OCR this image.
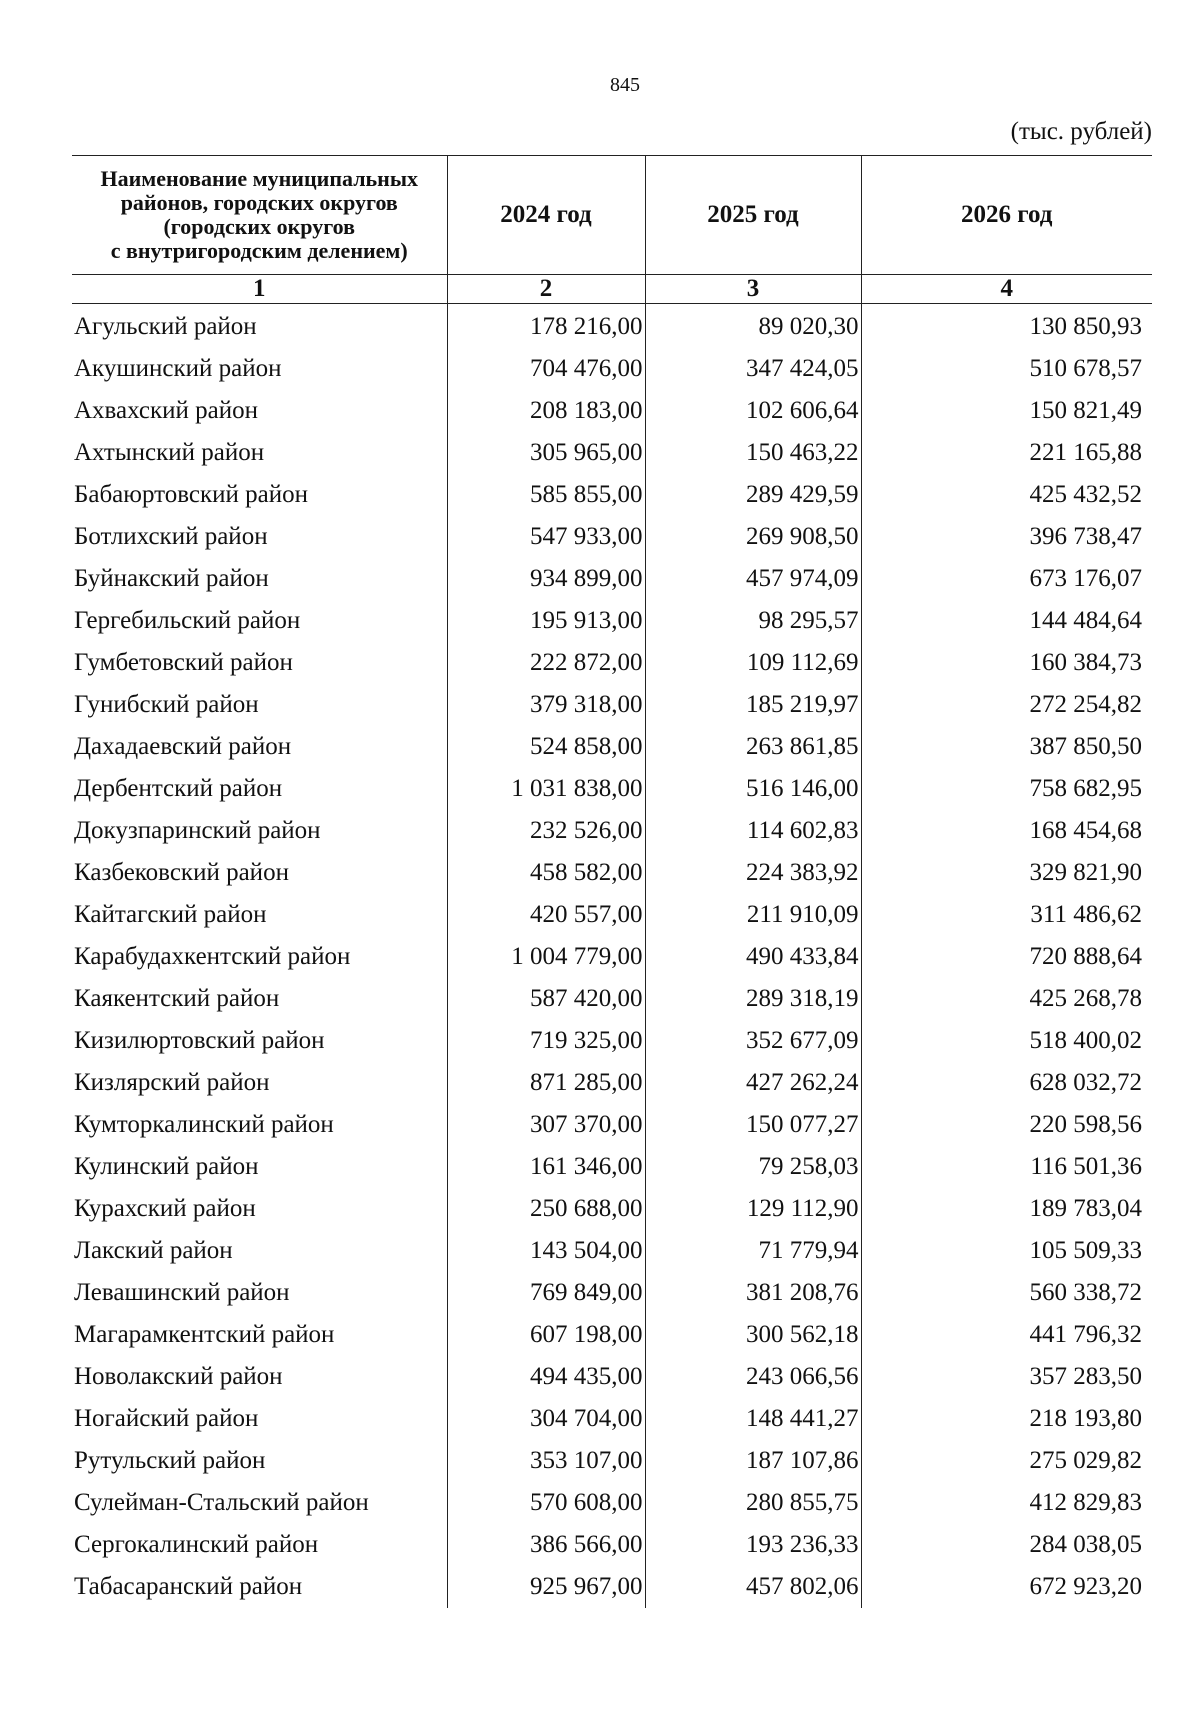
845
(тыс. рублей)
Наименование муниципальных
районов, городских округов
(городских округов
с внутригородским делением)	2024 год	2025 год	2026 год
1	2	3	4
Агульский район	178 216,00	89 020,30	130 850,93
Акушинский район	704 476,00	347 424,05	510 678,57
Ахвахский район	208 183,00	102 606,64	150 821,49
Ахтынский район	305 965,00	150 463,22	221 165,88
Бабаюртовский район	585 855,00	289 429,59	425 432,52
Ботлихский район	547 933,00	269 908,50	396 738,47
Буйнакский район	934 899,00	457 974,09	673 176,07
Гергебильский район	195 913,00	98 295,57	144 484,64
Гумбетовский район	222 872,00	109 112,69	160 384,73
Гунибский район	379 318,00	185 219,97	272 254,82
Дахадаевский район	524 858,00	263 861,85	387 850,50
Дербентский район	1 031 838,00	516 146,00	758 682,95
Докузпаринский район	232 526,00	114 602,83	168 454,68
Казбековский район	458 582,00	224 383,92	329 821,90
Кайтагский район	420 557,00	211 910,09	311 486,62
Карабудахкентский район	1 004 779,00	490 433,84	720 888,64
Каякентский район	587 420,00	289 318,19	425 268,78
Кизилюртовский район	719 325,00	352 677,09	518 400,02
Кизлярский район	871 285,00	427 262,24	628 032,72
Кумторкалинский район	307 370,00	150 077,27	220 598,56
Кулинский район	161 346,00	79 258,03	116 501,36
Курахский район	250 688,00	129 112,90	189 783,04
Лакский район	143 504,00	71 779,94	105 509,33
Левашинский район	769 849,00	381 208,76	560 338,72
Магарамкентский район	607 198,00	300 562,18	441 796,32
Новолакский район	494 435,00	243 066,56	357 283,50
Ногайский район	304 704,00	148 441,27	218 193,80
Рутульский район	353 107,00	187 107,86	275 029,82
Сулейман-Стальский район	570 608,00	280 855,75	412 829,83
Сергокалинский район	386 566,00	193 236,33	284 038,05
Табасаранский район	925 967,00	457 802,06	672 923,20
